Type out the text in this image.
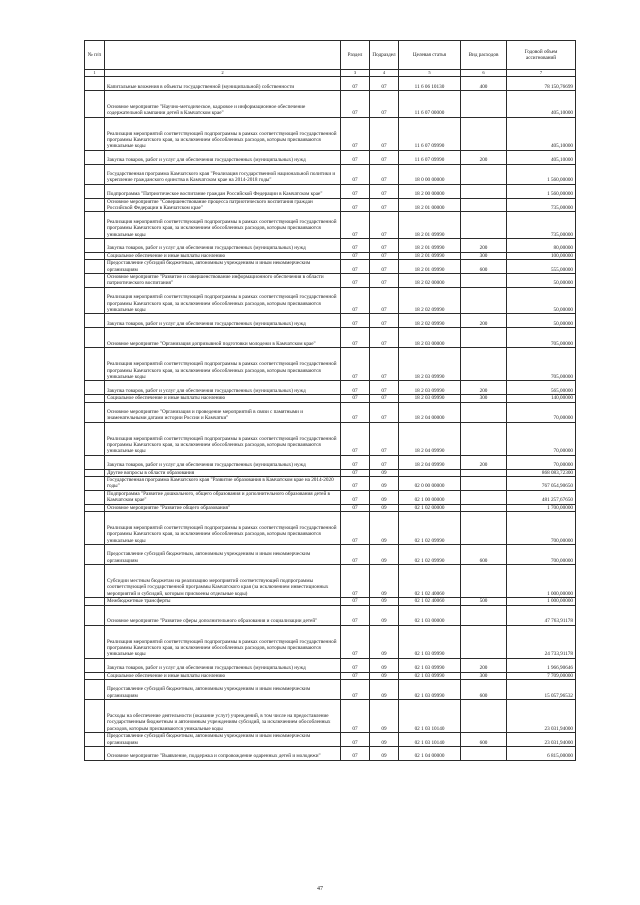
№ п/п		Раздел	Подраздел	Целевая статья	Вид расходов	Годовой объем ассигнований
1	2	3	4	5	6	7
	Капитальные вложения в объекты государственной (муниципальной) собственности	07	07	11 6 06 10130	400	78 150,76699
	Основное мероприятие "Научно-методическое, кадровое и информационное обеспечение содержательной кампании детей в Камчатском крае"	07	07	11 6 07 00000		405,10000
	Реализация мероприятий соответствующей подпрограммы в рамках соответствующей государственной программы Камчатского края, за исключением обособленных расходов, которым присваиваются уникальные коды	07	07	11 6 07 09990		405,10000
	Закупка товаров, работ и услуг для обеспечения государственных (муниципальных) нужд	07	07	11 6 07 09990	200	405,10000
	Государственная программа Камчатского края "Реализация государственной национальной политики и укрепление гражданского единства в Камчатском крае на 2014-2018 годы"	07	07	18 0 00 00000		1 560,00000
	Подпрограмма "Патриотическое воспитание граждан Российской Федерации в Камчатском крае"	07	07	18 2 00 00000		1 560,00000
	Основное мероприятие "Совершенствование процесса патриотического воспитания граждан Российской Федерации в Камчатском крае"	07	07	18 2 01 00000		735,00000
	Реализация мероприятий соответствующей подпрограммы в рамках соответствующей государственной программы Камчатского края, за исключением обособленных расходов, которым присваиваются уникальные коды	07	07	18 2 01 09990		735,00000
	Закупка товаров, работ и услуг для обеспечения государственных (муниципальных) нужд	07	07	18 2 01 09990	200	80,00000
	Социальное обеспечение и иные выплаты населению	07	07	18 2 01 09990	300	100,00000
	Предоставление субсидий бюджетным, автономным учреждениям и иным некоммерческим организациям	07	07	18 2 01 09990	600	555,00000
	Основное мероприятие "Развитие и совершенствование информационного обеспечения в области патриотического воспитания"	07	07	18 2 02 00000		50,00000
	Реализация мероприятий соответствующей подпрограммы в рамках соответствующей государственной программы Камчатского края, за исключением обособленных расходов, которым присваиваются уникальные коды	07	07	18 2 02 09990		50,00000
	Закупка товаров, работ и услуг для обеспечения государственных (муниципальных) нужд	07	07	18 2 02 09990	200	50,00000
	Основное мероприятие "Организация допризывной подготовки молодежи в Камчатском крае"	07	07	18 2 03 00000		705,00000
	Реализация мероприятий соответствующей подпрограммы в рамках соответствующей государственной программы Камчатского края, за исключением обособленных расходов, которым присваиваются уникальные коды	07	07	18 2 03 09990		705,00000
	Закупка товаров, работ и услуг для обеспечения государственных (муниципальных) нужд	07	07	18 2 03 09990	200	565,00000
	Социальное обеспечение и иные выплаты населению	07	07	18 2 03 09990	300	140,00000
	Основное мероприятие "Организация и проведение мероприятий в связи с памятными и знаменательными датами истории России и Камчатки"	07	07	18 2 04 00000		70,00000
	Реализация мероприятий соответствующей подпрограммы в рамках соответствующей государственной программы Камчатского края, за исключением обособленных расходов, которым присваиваются уникальные коды	07	07	18 2 04 09990		70,00000
	Закупка товаров, работ и услуг для обеспечения государственных (муниципальных) нужд	07	07	18 2 04 09990	200	70,00000
	Другие вопросы в области образования	07	09			868 083,72300
	Государственная программа Камчатского края "Развитие образования в Камчатском крае на 2014-2020 годы"	07	09	02 0 00 00000		767 054,90650
	Подпрограмма "Развитие дошкольного, общего образования и дополнительного образования детей в Камчатском крае"	07	09	02 1 00 00000		481 257,67650
	Основное мероприятие "Развитие общего образования"	07	09	02 1 02 00000		1 700,00000
	Реализация мероприятий соответствующей подпрограммы в рамках соответствующей государственной программы Камчатского края, за исключением обособленных расходов, которым присваиваются уникальные коды	07	09	02 1 02 09990		700,00000
	Предоставление субсидий бюджетным, автономным учреждениям и иным некоммерческим организациям	07	09	02 1 02 09990	600	700,00000
	Субсидии местным бюджетам на реализацию мероприятий соответствующей подпрограммы соответствующей государственной программы Камчатского края (за исключением инвестиционных мероприятий и субсидий, которым присвоены отдельные коды)	07	09	02 1 02 40060		1 000,00000
	Межбюджетные трансферты	07	09	02 1 02 40060	500	1 000,00000
	Основное мероприятие "Развитие сферы дополнительного образования и социализации детей"	07	09	02 1 03 00000		47 763,91178
	Реализация мероприятий соответствующей подпрограммы в рамках соответствующей государственной программы Камчатского края, за исключением обособленных расходов, которым присваиваются уникальные коды	07	09	02 1 03 09990		24 733,91178
	Закупка товаров, работ и услуг для обеспечения государственных (муниципальных) нужд	07	09	02 1 03 09990	200	1 966,90646
	Социальное обеспечение и иные выплаты населению	07	09	02 1 03 09990	300	7 709,00000
	Предоставление субсидий бюджетным, автономным учреждениям и иным некоммерческим организациям	07	09	02 1 03 09990	600	15 057,96532
	Расходы на обеспечение деятельности (оказание услуг) учреждений, в том числе на предоставление государственным бюджетным и автономным учреждениям субсидий, за исключением обособленных расходов, которым присваиваются уникальные коды	07	09	02 1 03 10140		23 031,94000
	Предоставление субсидий бюджетным, автономным учреждениям и иным некоммерческим организациям	07	09	02 1 03 10140	600	23 031,94000
	Основное мероприятие "Выявление, поддержка и сопровождение одаренных детей и молодежи"	07	09	02 1 04 00000		6 815,00000
47
